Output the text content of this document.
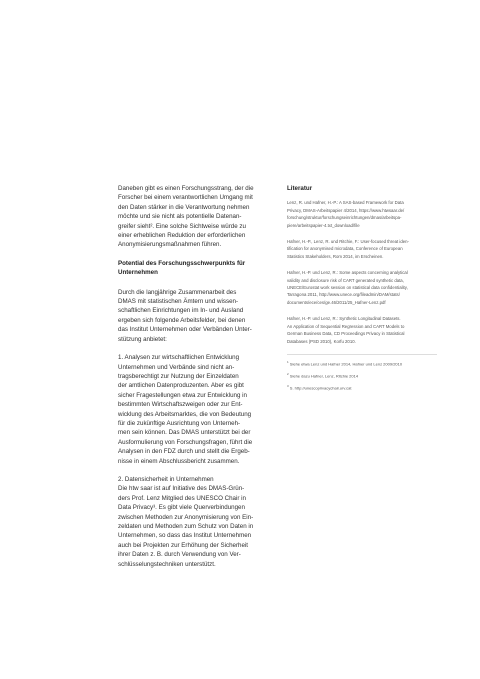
Daneben gibt es einen Forschungsstrang, der die
Forscher bei einem verantwortlichen Umgang mit
den Daten stärker in die Verantwortung nehmen
möchte und sie nicht als potentielle Datenan-
greifer sieht². Eine solche Sichtweise würde zu
einer erheblichen Reduktion der erforderlichen
Anonymisierungsmaßnahmen führen.

Potential des Forschungsschwerpunkts für
Unternehmen

Durch die langjährige Zusammenarbeit des
DMAS mit statistischen Ämtern und wissen-
schaftlichen Einrichtungen im In- und Ausland
ergeben sich folgende Arbeitsfelder, bei denen
das Institut Unternehmen oder Verbänden Unter-
stützung anbietet:

1. Analysen zur wirtschaftlichen Entwicklung
Unternehmen und Verbände sind nicht an-
tragsberechtigt zur Nutzung der Einzeldaten
der amtlichen Datenproduzenten. Aber es gibt
sicher Fragestellungen etwa zur Entwicklung in
bestimmten Wirtschaftszweigen oder zur Ent-
wicklung des Arbeitsmarktes, die von Bedeutung
für die zukünftige Ausrichtung von Unterneh-
men sein können. Das DMAS unterstützt bei der
Ausformulierung von Forschungsfragen, führt die
Analysen in den FDZ durch und stellt die Ergeb-
nisse in einem Abschlussbericht zusammen.

2. Datensicherheit in Unternehmen
Die htw saar ist auf Initiative des DMAS-Grün-
ders Prof. Lenz Mitglied des UNESCO Chair in
Data Privacy³. Es gibt viele Querverbindungen
zwischen Methoden zur Anonymisierung von Ein-
zeldaten und Methoden zum Schutz von Daten in
Unternehmen, so dass das Institut Unternehmen
auch bei Projekten zur Erhöhung der Sicherheit
ihrer Daten z. B. durch Verwendung von Ver-
schlüsselungstechniken unterstützt.

Literatur
Lenz, R. und Hafner, H.-P.: A SAS-based Framework for Data
Privacy, DMAS-Arbeitspapier 4/2014, https://www.htwsaar.de/
forschung/struktur/forschungseinrichtungen/dmas/arbeitspa-
piere/arbeitspapier-4.txt_download/file
Hafner, H.-P., Lenz, R. und Ritchie, F.: User-focused threat iden-
tification for anonymised microdata, Conference of European
Statistics Stakeholders, Rom 2014, im Erscheinen.
Hafner, H.-P. und Lenz, R.: Some aspects concerning analytical
validity and disclosure risk of CART generated synthetic data,
UNECE/Eurostat work session on statistical data confidentiality,
Tarragona 2011, http://www.unece.org/fileadmin/DAM/stats/
documents/ece/ces/ge.46/2011/25_Hafner-Lenz.pdf
Hafner, H.-P. und Lenz, R.: Synthetic Longitudinal Datasets.
An Application of Sequential Regression and CART Models to
German Business Data, CD Proceedings Privacy in Statistical
Databases (PSD 2010), Korfu 2010.
$^1$ Siehe etwa Lenz und Hafner 2014, Hafner und Lenz 2009/2010
$^2$ Siehe dazu Hafner, Lenz, Ritchie 2014
$^3$ S. http://unescoprivacychair.urv.cat
